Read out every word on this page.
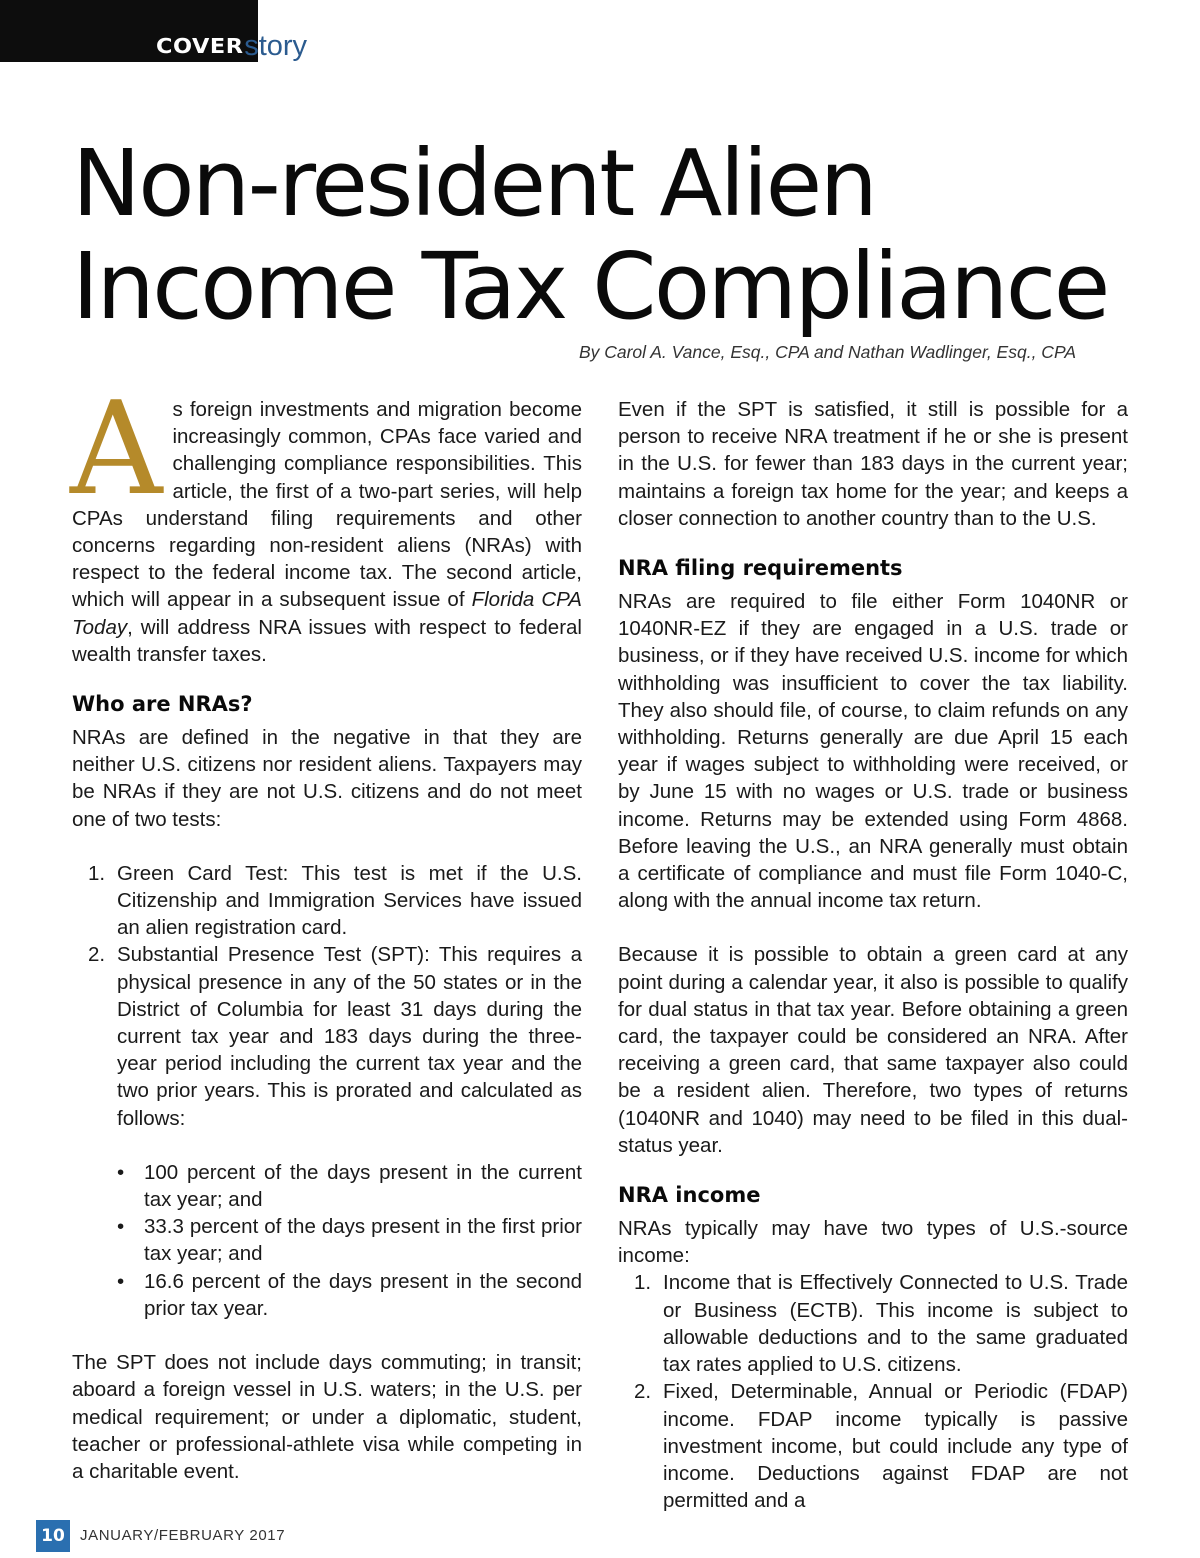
COVERstory
Non-resident Alien Income Tax Compliance
By Carol A. Vance, Esq., CPA and Nathan Wadlinger, Esq., CPA

As foreign investments and migration become increasingly common, CPAs face varied and challenging compliance responsibilities. This article, the first of a two-part series, will help CPAs understand filing requirements and other concerns regarding non-resident aliens (NRAs) with respect to the federal income tax. The second article, which will appear in a subsequent issue of Florida CPA Today, will address NRA issues with respect to federal wealth transfer taxes.

Who are NRAs?

NRAs are defined in the negative in that they are neither U.S. citizens nor resident aliens. Taxpayers may be NRAs if they are not U.S. citizens and do not meet one of two tests:

1. Green Card Test: This test is met if the U.S. Citizenship and Immigration Services have issued an alien registration card.
2. Substantial Presence Test (SPT): This requires a physical presence in any of the 50 states or in the District of Columbia for least 31 days during the current tax year and 183 days during the three-year period including the current tax year and the two prior years. This is prorated and calculated as follows:
• 100 percent of the days present in the current tax year; and
• 33.3 percent of the days present in the first prior tax year; and
• 16.6 percent of the days present in the second prior tax year.

The SPT does not include days commuting; in transit; aboard a foreign vessel in U.S. waters; in the U.S. per medical requirement; or under a diplomatic, student, teacher or professional-athlete visa while competing in a charitable event.

Even if the SPT is satisfied, it still is possible for a person to receive NRA treatment if he or she is present in the U.S. for fewer than 183 days in the current year; maintains a foreign tax home for the year; and keeps a closer connection to another country than to the U.S.

NRA filing requirements

NRAs are required to file either Form 1040NR or 1040NR-EZ if they are engaged in a U.S. trade or business, or if they have received U.S. income for which withholding was insufficient to cover the tax liability. They also should file, of course, to claim refunds on any withholding. Returns generally are due April 15 each year if wages subject to withholding were received, or by June 15 with no wages or U.S. trade or business income. Returns may be extended using Form 4868. Before leaving the U.S., an NRA generally must obtain a certificate of compliance and must file Form 1040-C, along with the annual income tax return.

Because it is possible to obtain a green card at any point during a calendar year, it also is possible to qualify for dual status in that tax year. Before obtaining a green card, the taxpayer could be considered an NRA. After receiving a green card, that same taxpayer also could be a resident alien. Therefore, two types of returns (1040NR and 1040) may need to be filed in this dual-status year.

NRA income

NRAs typically may have two types of U.S.-source income:

1. Income that is Effectively Connected to U.S. Trade or Business (ECTB). This income is subject to allowable deductions and to the same graduated tax rates applied to U.S. citizens.
2. Fixed, Determinable, Annual or Periodic (FDAP) income. FDAP income typically is passive investment income, but could include any type of income. Deductions against FDAP are not permitted and a
10 JANUARY/FEBRUARY 2017
